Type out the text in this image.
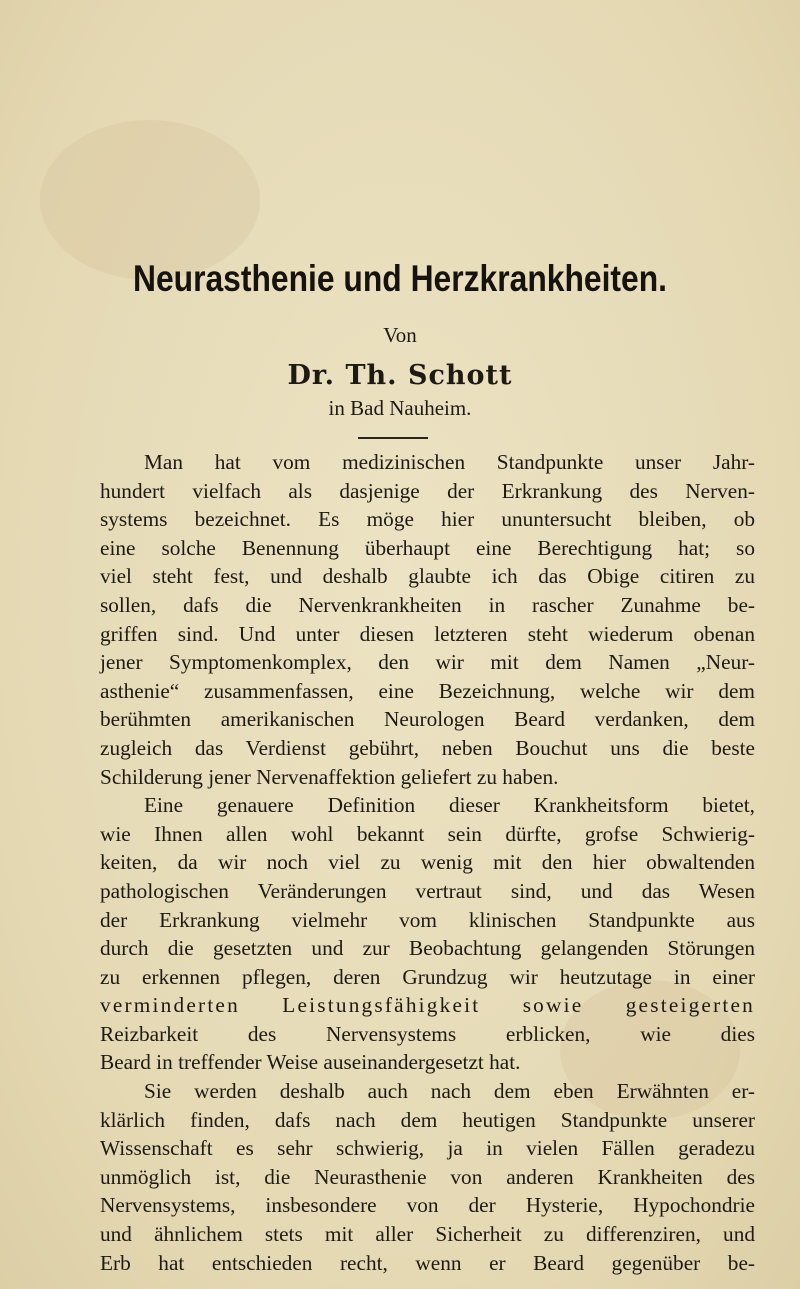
Neurasthenie und Herzkrankheiten.
Von
Dr. Th. Schott
in Bad Nauheim.
Man hat vom medizinischen Standpunkte unser Jahr-
hundert vielfach als dasjenige der Erkrankung des Nerven-
systems bezeichnet. Es möge hier ununtersucht bleiben, ob
eine solche Benennung überhaupt eine Berechtigung hat; so
viel steht fest, und deshalb glaubte ich das Obige citiren zu
sollen, dafs die Nervenkrankheiten in rascher Zunahme be-
griffen sind. Und unter diesen letzteren steht wiederum obenan
jener Symptomenkomplex, den wir mit dem Namen „Neur-
asthenie“ zusammenfassen, eine Bezeichnung, welche wir dem
berühmten amerikanischen Neurologen Beard verdanken, dem
zugleich das Verdienst gebührt, neben Bouchut uns die beste
Schilderung jener Nervenaffektion geliefert zu haben.
Eine genauere Definition dieser Krankheitsform bietet,
wie Ihnen allen wohl bekannt sein dürfte, grofse Schwierig-
keiten, da wir noch viel zu wenig mit den hier obwaltenden
pathologischen Veränderungen vertraut sind, und das Wesen
der Erkrankung vielmehr vom klinischen Standpunkte aus
durch die gesetzten und zur Beobachtung gelangenden Störungen
zu erkennen pflegen, deren Grundzug wir heutzutage in einer
verminderten Leistungsfähigkeit sowie gesteigerten
Reizbarkeit des Nervensystems erblicken, wie dies
Beard in treffender Weise auseinandergesetzt hat.
Sie werden deshalb auch nach dem eben Erwähnten er-
klärlich finden, dafs nach dem heutigen Standpunkte unserer
Wissenschaft es sehr schwierig, ja in vielen Fällen geradezu
unmöglich ist, die Neurasthenie von anderen Krankheiten des
Nervensystems, insbesondere von der Hysterie, Hypochondrie
und ähnlichem stets mit aller Sicherheit zu differenziren, und
Erb hat entschieden recht, wenn er Beard gegenüber be-
